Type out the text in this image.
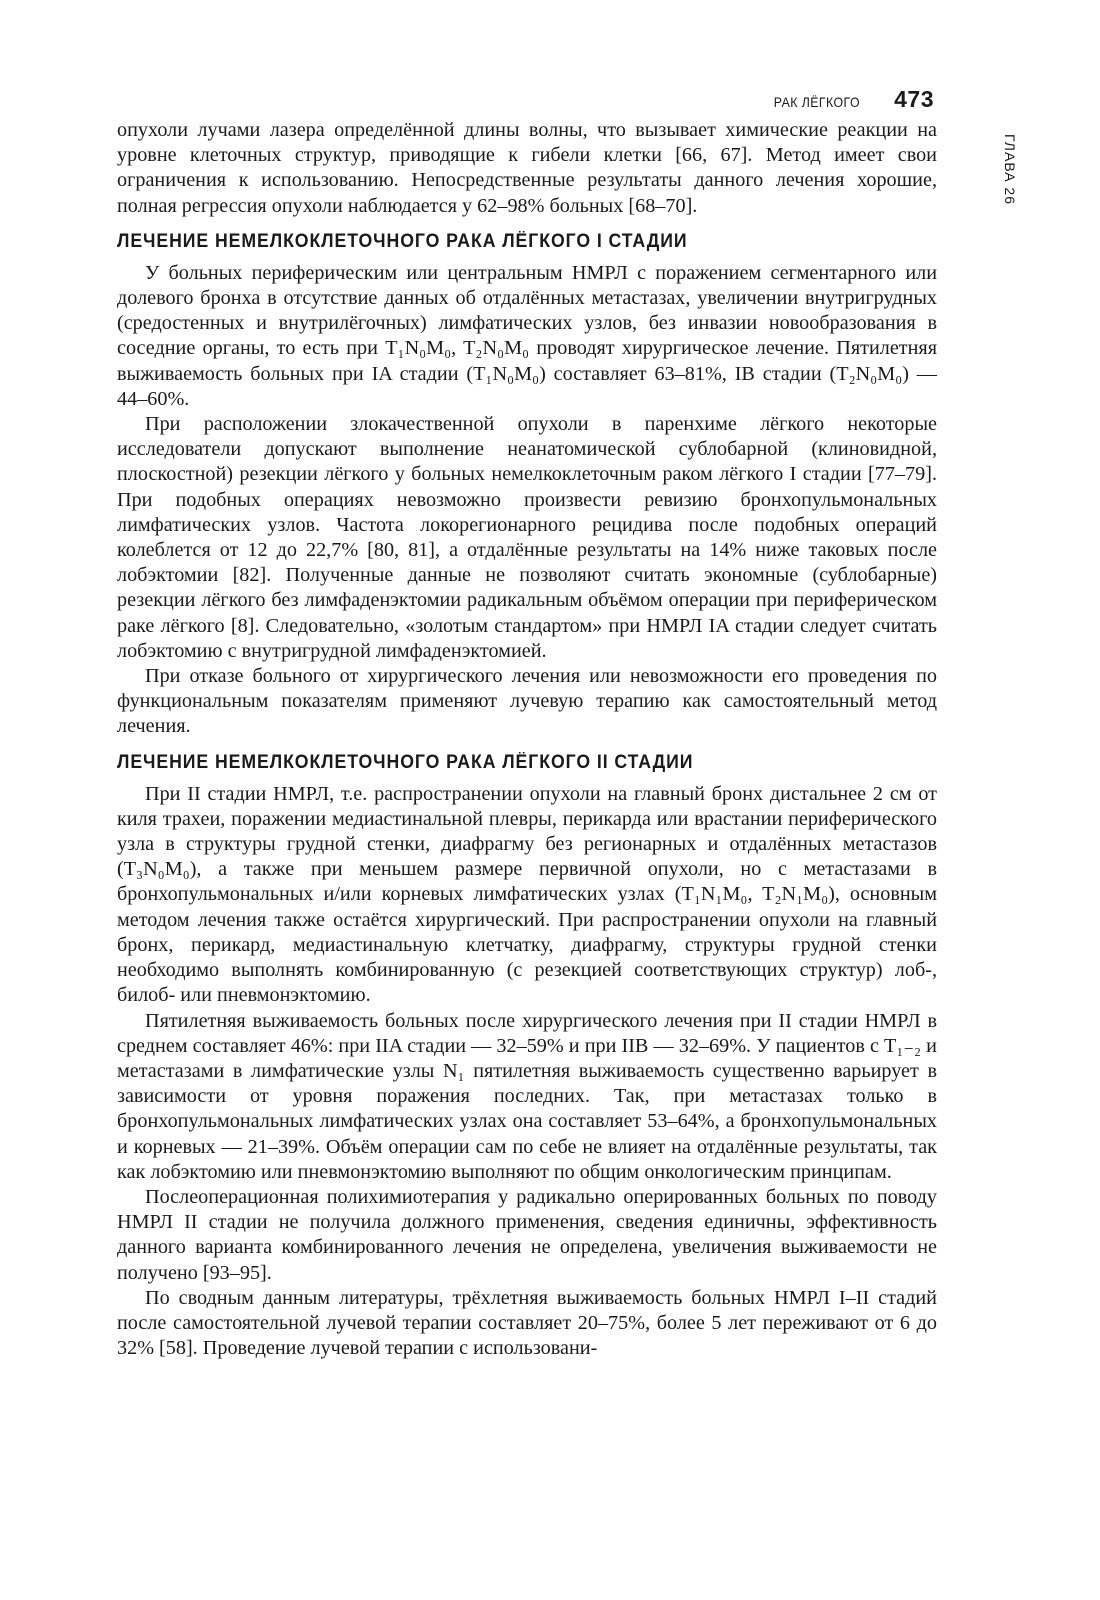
РАК ЛЁГКОГО 473
ГЛАВА 26

опухоли лучами лазера определённой длины волны, что вызывает химические реакции на уровне клеточных структур, приводящие к гибели клетки [66, 67]. Метод имеет свои ограничения к использованию. Непосредственные результаты данного лечения хорошие, полная регрессия опухоли наблюдается у 62–98% больных [68–70].

ЛЕЧЕНИЕ НЕМЕЛКОКЛЕТОЧНОГО РАКА ЛЁГКОГО I СТАДИИ

У больных периферическим или центральным НМРЛ с поражением сегментарного или долевого бронха в отсутствие данных об отдалённых метастазах, увеличении внутригрудных (средостенных и внутрилёгочных) лимфатических узлов, без инвазии новообразования в соседние органы, то есть при T₁N₀M₀, T₂N₀M₀ проводят хирургическое лечение. Пятилетняя выживаемость больных при IA стадии (T₁N₀M₀) составляет 63–81%, IB стадии (T₂N₀M₀) — 44–60%.

При расположении злокачественной опухоли в паренхиме лёгкого некоторые исследователи допускают выполнение неанатомической сублобарной (клиновидной, плоскостной) резекции лёгкого у больных немелкоклеточным раком лёгкого I стадии [77–79]. При подобных операциях невозможно произвести ревизию бронхопульмональных лимфатических узлов. Частота локорегионарного рецидива после подобных операций колеблется от 12 до 22,7% [80, 81], а отдалённые результаты на 14% ниже таковых после лобэктомии [82]. Полученные данные не позволяют считать экономные (сублобарные) резекции лёгкого без лимфаденэктомии радикальным объёмом операции при периферическом раке лёгкого [8]. Следовательно, «золотым стандартом» при НМРЛ IA стадии следует считать лобэктомию с внутригрудной лимфаденэктомией.

При отказе больного от хирургического лечения или невозможности его проведения по функциональным показателям применяют лучевую терапию как самостоятельный метод лечения.

ЛЕЧЕНИЕ НЕМЕЛКОКЛЕТОЧНОГО РАКА ЛЁГКОГО II СТАДИИ

При II стадии НМРЛ, т.е. распространении опухоли на главный бронх дистальнее 2 см от киля трахеи, поражении медиастинальной плевры, перикарда или врастании периферического узла в структуры грудной стенки, диафрагму без регионарных и отдалённых метастазов (T₃N₀M₀), а также при меньшем размере первичной опухоли, но с метастазами в бронхопульмональных и/или корневых лимфатических узлах (T₁N₁M₀, T₂N₁M₀), основным методом лечения также остаётся хирургический. При распространении опухоли на главный бронх, перикард, медиастинальную клетчатку, диафрагму, структуры грудной стенки необходимо выполнять комбинированную (с резекцией соответствующих структур) лоб-, билоб- или пневмонэктомию.

Пятилетняя выживаемость больных после хирургического лечения при II стадии НМРЛ в среднем составляет 46%: при IIA стадии — 32–59% и при IIB — 32–69%. У пациентов с T₁₋₂ и метастазами в лимфатические узлы N₁ пятилетняя выживаемость существенно варьирует в зависимости от уровня поражения последних. Так, при метастазах только в бронхопульмональных лимфатических узлах она составляет 53–64%, а бронхопульмональных и корневых — 21–39%. Объём операции сам по себе не влияет на отдалённые результаты, так как лобэктомию или пневмонэктомию выполняют по общим онкологическим принципам.

Послеоперационная полихимиотерапия у радикально оперированных больных по поводу НМРЛ II стадии не получила должного применения, сведения единичны, эффективность данного варианта комбинированного лечения не определена, увеличения выживаемости не получено [93–95].

По сводным данным литературы, трёхлетняя выживаемость больных НМРЛ I–II стадий после самостоятельной лучевой терапии составляет 20–75%, более 5 лет переживают от 6 до 32% [58]. Проведение лучевой терапии с использовани-
